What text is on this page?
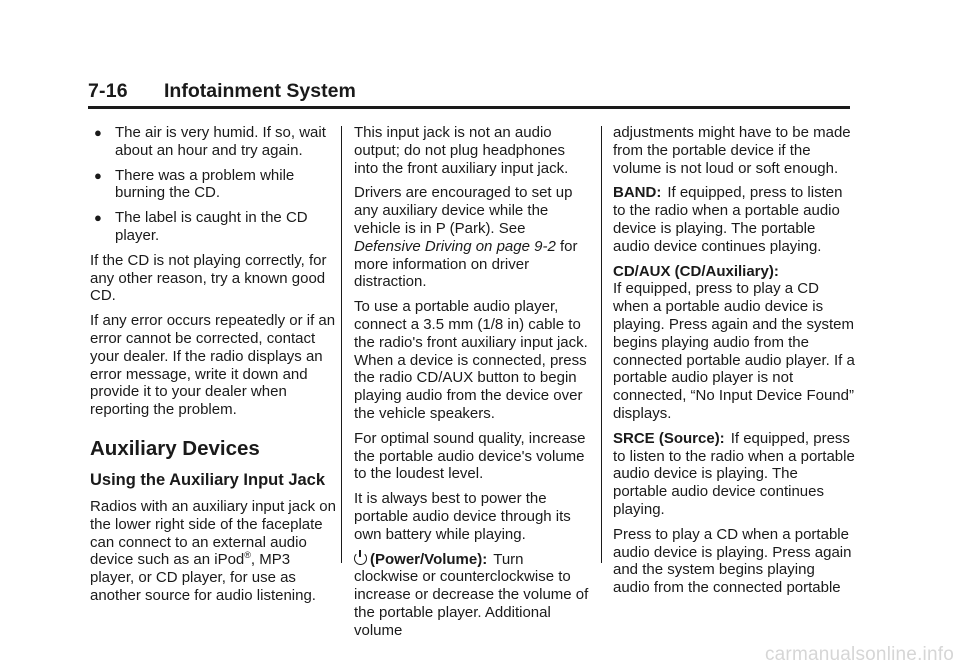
7-16 Infotainment System
● The air is very humid. If so, wait about an hour and try again.
● There was a problem while burning the CD.
● The label is caught in the CD player.

If the CD is not playing correctly, for any other reason, try a known good CD.

If any error occurs repeatedly or if an error cannot be corrected, contact your dealer. If the radio displays an error message, write it down and provide it to your dealer when reporting the problem.

Auxiliary Devices
Using the Auxiliary Input Jack

Radios with an auxiliary input jack on the lower right side of the faceplate can connect to an external audio device such as an iPod®, MP3 player, or CD player, for use as another source for audio listening.

This input jack is not an audio output; do not plug headphones into the front auxiliary input jack.

Drivers are encouraged to set up any auxiliary device while the vehicle is in P (Park). See Defensive Driving on page 9-2 for more information on driver distraction.

To use a portable audio player, connect a 3.5 mm (1/8 in) cable to the radio's front auxiliary input jack. When a device is connected, press the radio CD/AUX button to begin playing audio from the device over the vehicle speakers.

For optimal sound quality, increase the portable audio device's volume to the loudest level.

It is always best to power the portable audio device through its own battery while playing.

(Power/Volume): Turn clockwise or counterclockwise to increase or decrease the volume of the portable player. Additional volume

adjustments might have to be made from the portable device if the volume is not loud or soft enough.

BAND: If equipped, press to listen to the radio when a portable audio device is playing. The portable audio device continues playing.

CD/AUX (CD/Auxiliary):
If equipped, press to play a CD when a portable audio device is playing. Press again and the system begins playing audio from the connected portable audio player. If a portable audio player is not connected, “No Input Device Found” displays.

SRCE (Source): If equipped, press to listen to the radio when a portable audio device is playing. The portable audio device continues playing.

Press to play a CD when a portable audio device is playing. Press again and the system begins playing audio from the connected portable

carmanualsonline.info
